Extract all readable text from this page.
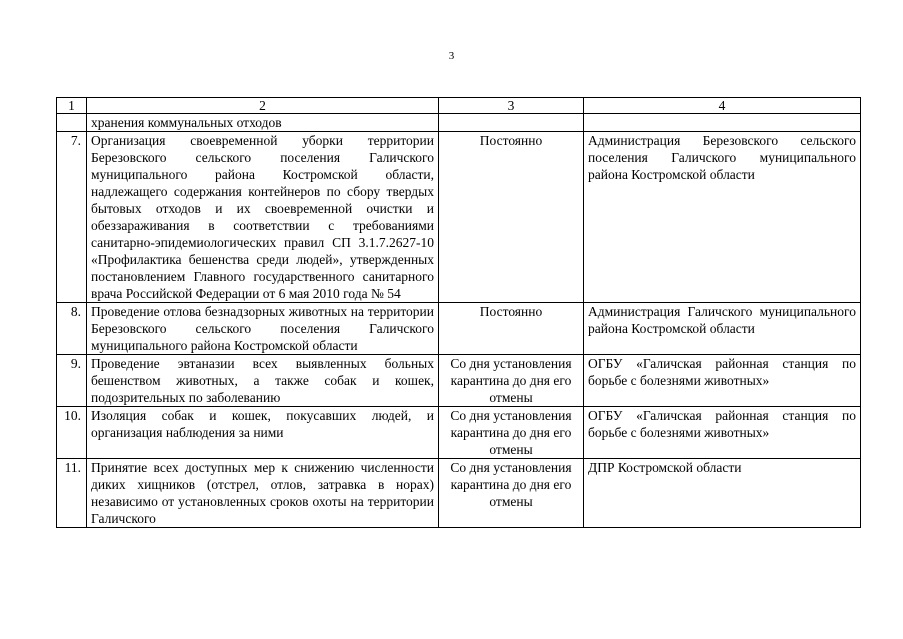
3
1	2	3	4
	хранения коммунальных отходов		
7.	Организация своевременной уборки территории Березовского сельского поселения Галичского муниципального района Костромской области, надлежащего содержания контейнеров по сбору твердых бытовых отходов и их своевременной очистки и обеззараживания в соответствии с требованиями санитарно-эпидемиологических правил СП 3.1.7.2627-10 «Профилактика бешенства среди людей», утвержденных постановлением Главного государственного санитарного врача Российской Федерации от 6 мая 2010 года № 54	Постоянно	Администрация Березовского сельского поселения Галичского муниципального района Костромской области
8.	Проведение отлова безнадзорных животных на территории Березовского сельского поселения Галичского муниципального района Костромской области	Постоянно	Администрация Галичского муниципального района Костромской области
9.	Проведение эвтаназии всех выявленных больных бешенством животных, а также собак и кошек, подозрительных по заболеванию	Со дня установления карантина до дня его отмены	ОГБУ «Галичская районная станция по борьбе с болезнями животных»
10.	Изоляция собак и кошек, покусавших людей, и организация наблюдения за ними	Со дня установления карантина до дня его отмены	ОГБУ «Галичская районная станция по борьбе с болезнями животных»
11.	Принятие всех доступных мер к снижению численности диких хищников (отстрел, отлов, затравка в норах) независимо от установленных сроков охоты на территории Галичского	Со дня установления карантина до дня его отмены	ДПР Костромской области
